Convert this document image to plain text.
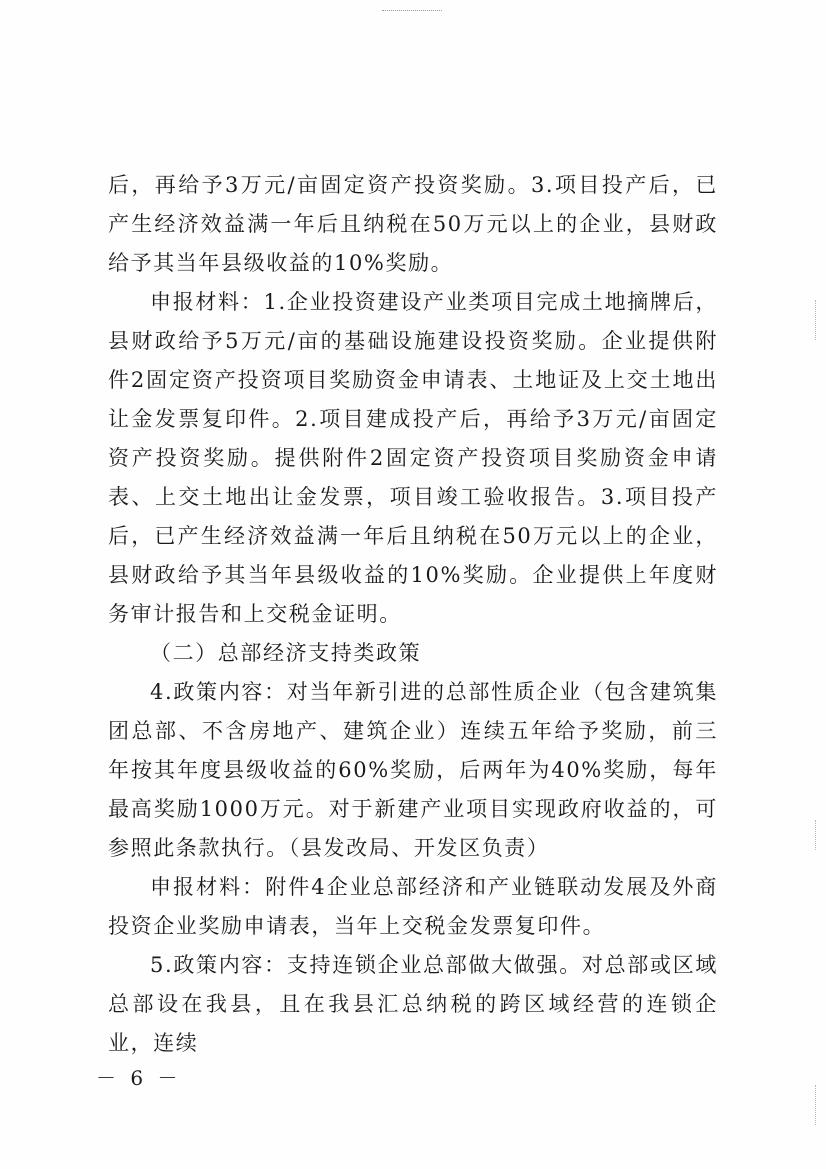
后，再给予3万元/亩固定资产投资奖励。3.项目投产后，已产生经济效益满一年后且纳税在50万元以上的企业，县财政给予其当年县级收益的10%奖励。

申报材料：1.企业投资建设产业类项目完成土地摘牌后，县财政给予5万元/亩的基础设施建设投资奖励。企业提供附件2固定资产投资项目奖励资金申请表、土地证及上交土地出让金发票复印件。2.项目建成投产后，再给予3万元/亩固定资产投资奖励。提供附件2固定资产投资项目奖励资金申请表、上交土地出让金发票，项目竣工验收报告。3.项目投产后，已产生经济效益满一年后且纳税在50万元以上的企业，县财政给予其当年县级收益的10%奖励。企业提供上年度财务审计报告和上交税金证明。

（二）总部经济支持类政策

4.政策内容：对当年新引进的总部性质企业（包含建筑集团总部、不含房地产、建筑企业）连续五年给予奖励，前三年按其年度县级收益的60%奖励，后两年为40%奖励，每年最高奖励1000万元。对于新建产业项目实现政府收益的，可参照此条款执行。（县发改局、开发区负责）

申报材料：附件4企业总部经济和产业链联动发展及外商投资企业奖励申请表，当年上交税金发票复印件。

5.政策内容：支持连锁企业总部做大做强。对总部或区域总部设在我县，且在我县汇总纳税的跨区域经营的连锁企业，连续

－ 6 －
